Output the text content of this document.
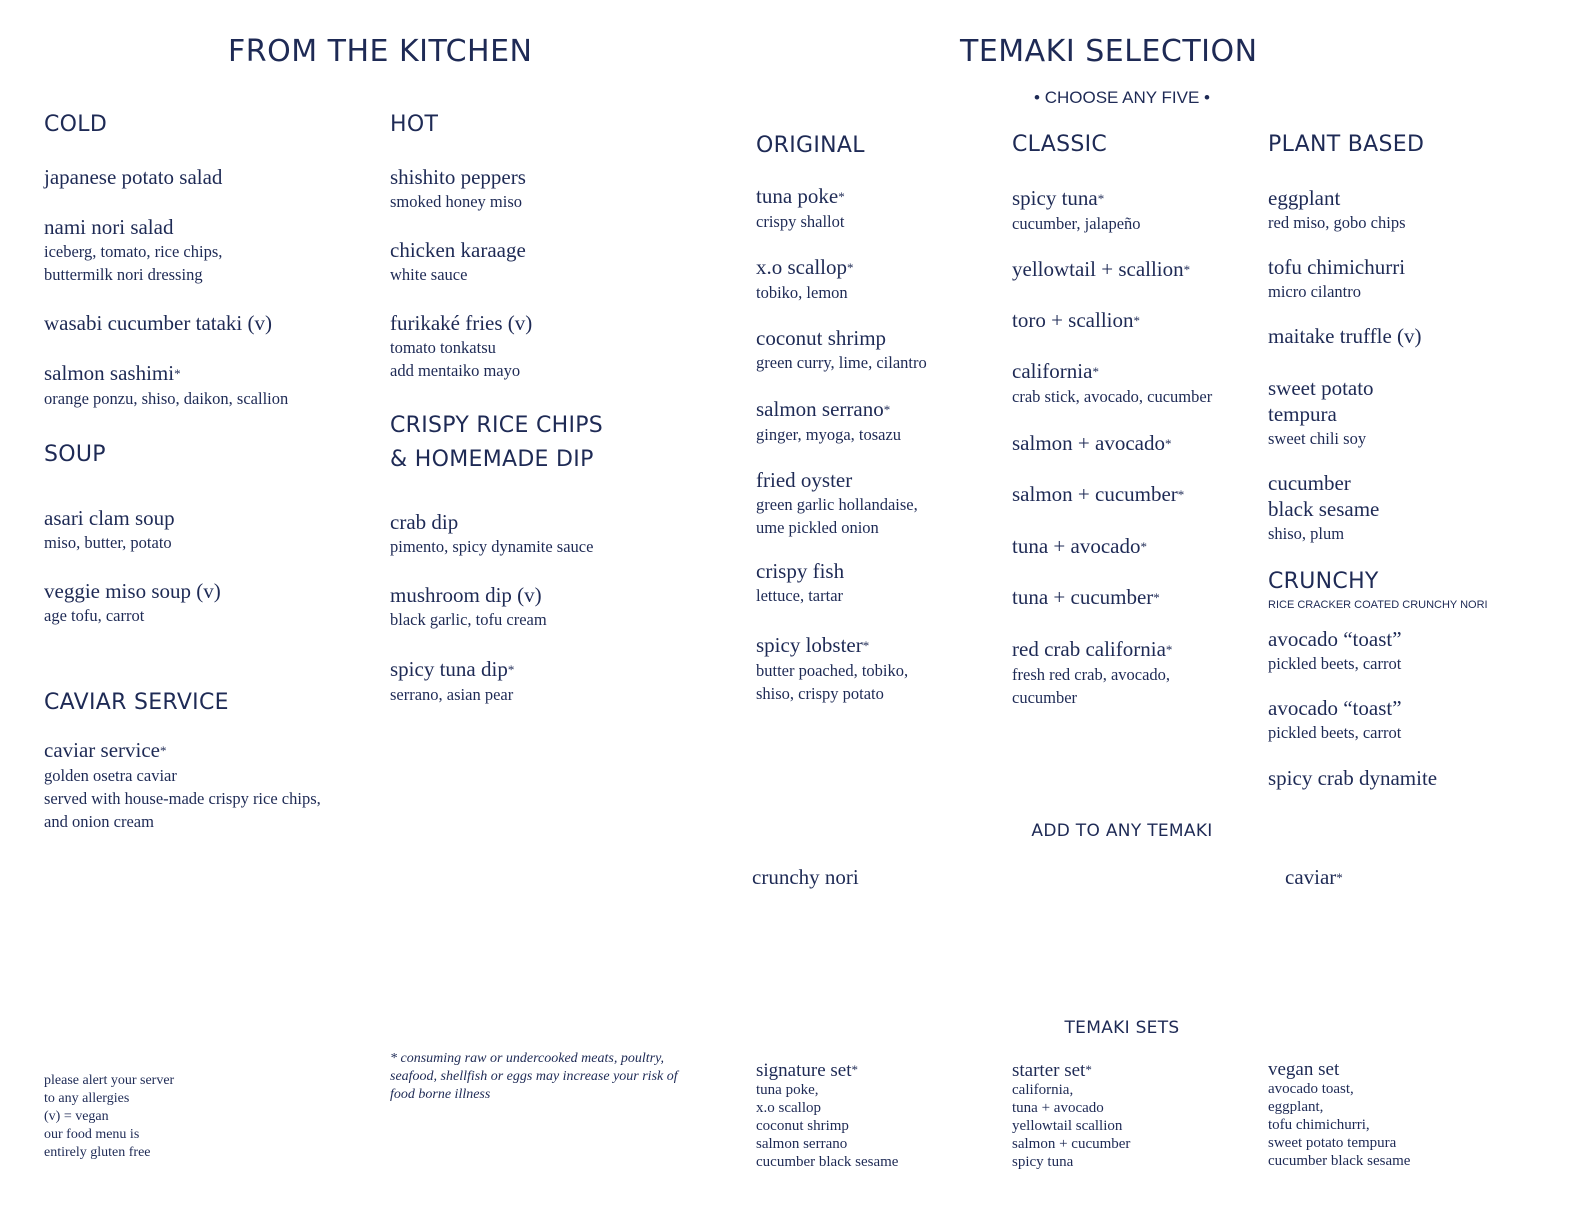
FROM THE KITCHEN
COLD
japanese potato salad
nami nori salad
iceberg, tomato, rice chips,
buttermilk nori dressing
wasabi cucumber tataki (v)
salmon sashimi*
orange ponzu, shiso, daikon, scallion
SOUP
asari clam soup
miso, butter, potato
veggie miso soup (v)
age tofu, carrot
CAVIAR SERVICE
caviar service*
golden osetra caviar
served with house-made crispy rice chips,
and onion cream
HOT
shishito peppers
smoked honey miso
chicken karaage
white sauce
furikaké fries (v)
tomato tonkatsu
add mentaiko mayo
CRISPY RICE CHIPS
& HOMEMADE DIP
crab dip
pimento, spicy dynamite sauce
mushroom dip (v)
black garlic, tofu cream
spicy tuna dip*
serrano, asian pear
please alert your server
to any allergies
(v) = vegan
our food menu is
entirely gluten free
* consuming raw or undercooked meats, poultry,
seafood, shellfish or eggs may increase your risk of
food borne illness
TEMAKI SELECTION
• CHOOSE ANY FIVE •
ORIGINAL
tuna poke*
crispy shallot
x.o scallop*
tobiko, lemon
coconut shrimp
green curry, lime, cilantro
salmon serrano*
ginger, myoga, tosazu
fried oyster
green garlic hollandaise,
ume pickled onion
crispy fish
lettuce, tartar
spicy lobster*
butter poached, tobiko,
shiso, crispy potato
CLASSIC
spicy tuna*
cucumber, jalapeño
yellowtail + scallion*
toro + scallion*
california*
crab stick, avocado, cucumber
salmon + avocado*
salmon + cucumber*
tuna + avocado*
tuna + cucumber*
red crab california*
fresh red crab, avocado,
cucumber
PLANT BASED
eggplant
red miso, gobo chips
tofu chimichurri
micro cilantro
maitake truffle (v)
sweet potato
tempura
sweet chili soy
cucumber
black sesame
shiso, plum
CRUNCHY
RICE CRACKER COATED CRUNCHY NORI
avocado “toast”
pickled beets, carrot
avocado “toast”
pickled beets, carrot
spicy crab dynamite
ADD TO ANY TEMAKI
crunchy nori	caviar*
TEMAKI SETS
signature set*
tuna poke,
x.o scallop
coconut shrimp
salmon serrano
cucumber black sesame
starter set*
california,
tuna + avocado
yellowtail scallion
salmon + cucumber
spicy tuna
vegan set
avocado toast,
eggplant,
tofu chimichurri,
sweet potato tempura
cucumber black sesame
